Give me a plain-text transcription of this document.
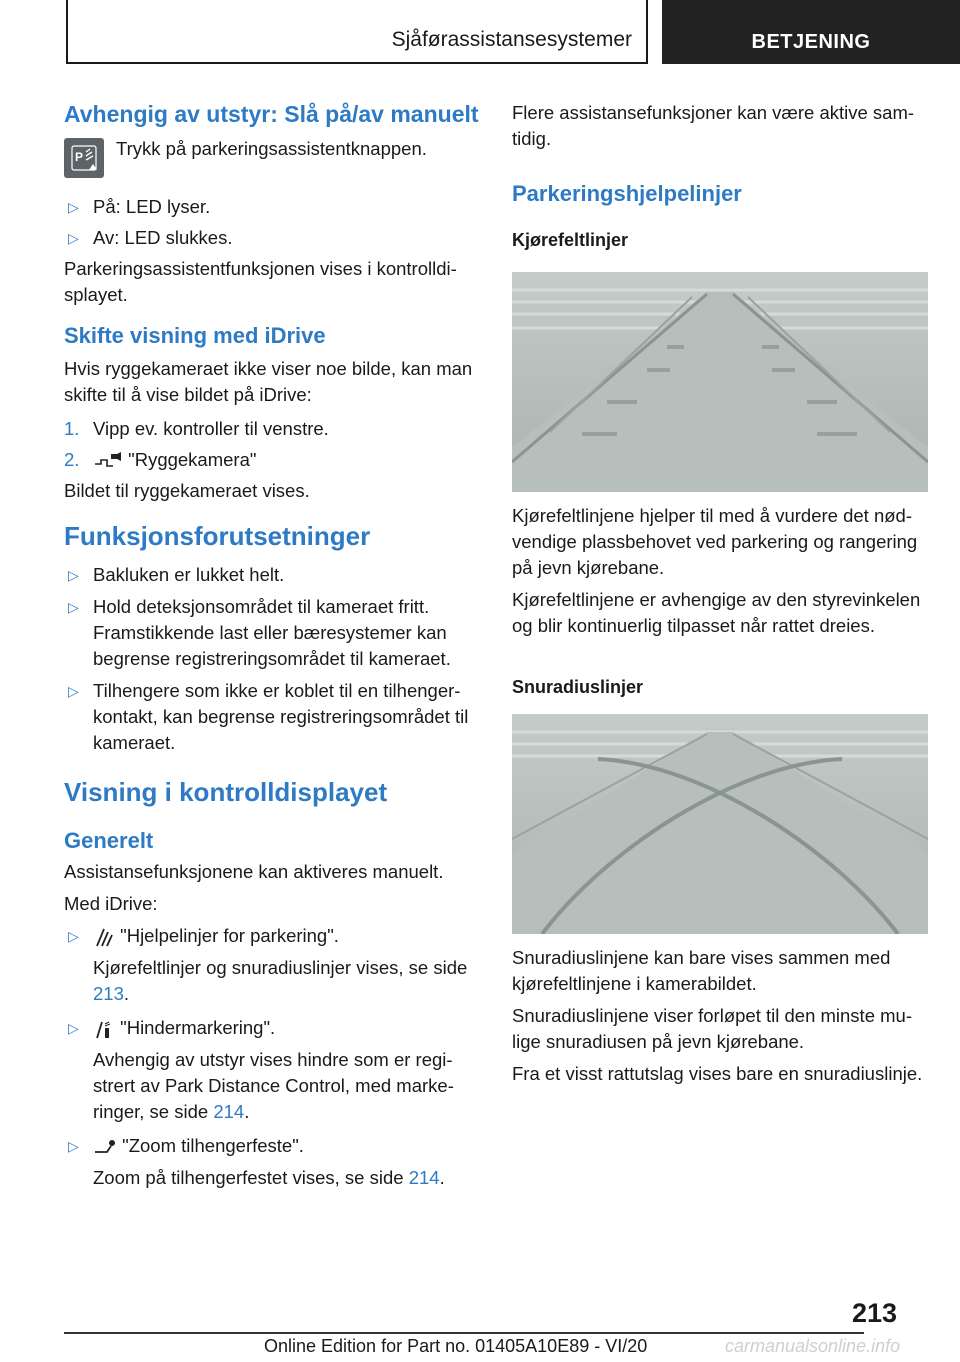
Sjåførassistansesystemer	BETJENING
Avhengig av utstyr: Slå på/av manuelt
P Trykk på parkeringsassistentknappen.
▷ På: LED lyser.
▷ Av: LED slukkes.
Parkeringsassistentfunksjonen vises i kontrolldisplayet.
Skifte visning med iDrive
Hvis ryggekameraet ikke viser noe bilde, kan man skifte til å vise bildet på iDrive:
1. Vipp ev. kontroller til venstre.
2.	"Ryggekamera"
Bildet til ryggekameraet vises.
Funksjonsforutsetninger
▷ Bakluken er lukket helt.
▷ Hold deteksjonsområdet til kameraet fritt. Framstikkende last eller bæresystemer kan begrense registreringsområdet til kameraet.
▷ Tilhengere som ikke er koblet til en tilhengerkontakt, kan begrense registreringsområdet til kameraet.
Visning i kontrolldisplayet
Generelt
Assistansefunksjonene kan aktiveres manuelt.
Med iDrive:
▷ "Hjelpelinjer for parkering".
Kjørefeltlinjer og snuradiuslinjer vises, se side 213.
▷ "Hindermarkering".
Avhengig av utstyr vises hindre som er registrert av Park Distance Control, med markeringer, se side 214.
▷ "Zoom tilhengerfeste".
Zoom på tilhengerfestet vises, se side 214.
Flere assistansefunksjoner kan være aktive samtidig.
Parkeringshjelpelinjer
Kjørefeltlinjer
Kjørefeltlinjene hjelper til med å vurdere det nødvendige plassbehovet ved parkering og rangering på jevn kjørebane.
Kjørefeltlinjene er avhengige av den styrevinkelen og blir kontinuerlig tilpasset når rattet dreies.
Snuradiuslinjer
Snuradiuslinjene kan bare vises sammen med kjørefeltlinjene i kamerabildet.
Snuradiuslinjene viser forløpet til den minste mulige snuradiusen på jevn kjørebane.
Fra et visst rattutslag vises bare en snuradiuslinje.
213
Online Edition for Part no. 01405A10E89 - VI/20	carmanualsonline.info
